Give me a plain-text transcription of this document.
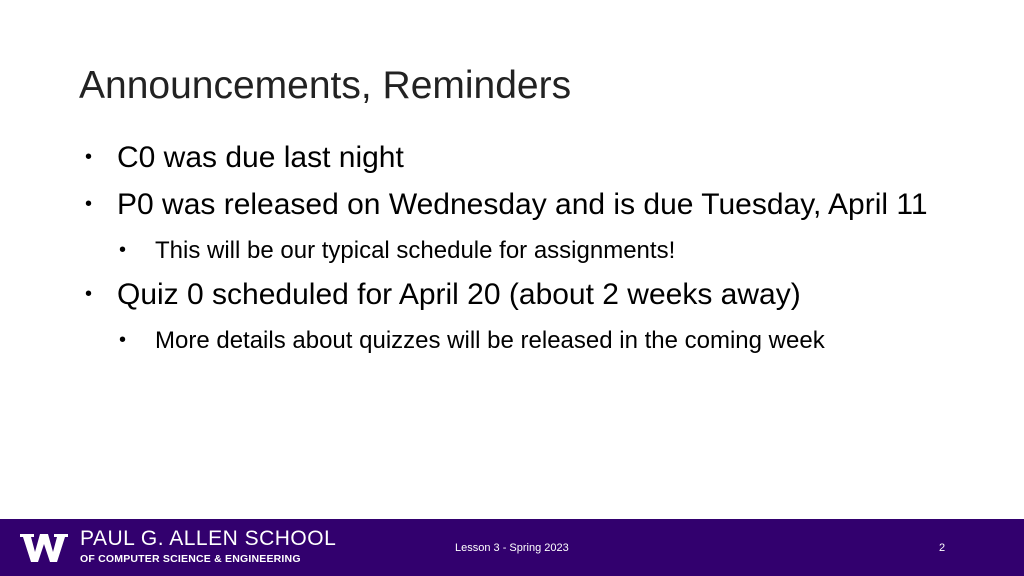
Announcements, Reminders
• C0 was due last night
• P0 was released on Wednesday and is due Tuesday, April 11
• This will be our typical schedule for assignments!
• Quiz 0 scheduled for April 20 (about 2 weeks away)
• More details about quizzes will be released in the coming week
PAUL G. ALLEN SCHOOL
OF COMPUTER SCIENCE & ENGINEERING
Lesson 3 - Spring 2023	2
